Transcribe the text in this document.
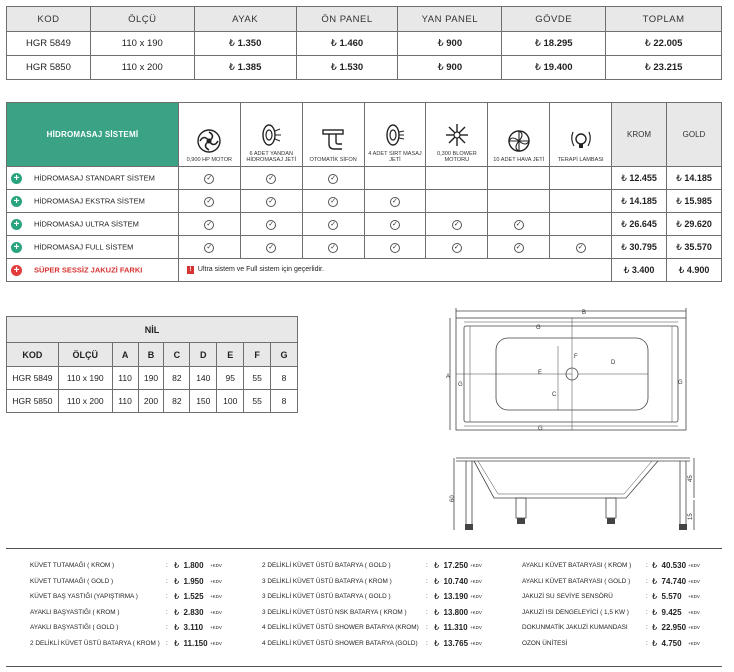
KOD	ÖLÇÜ	AYAK	ÖN PANEL	YAN PANEL	GÖVDE	TOPLAM
HGR 5849	110 x 190	₺ 1.350	₺ 1.460	₺ 900	₺ 18.295	₺ 22.005
HGR 5850	110 x 200	₺ 1.385	₺ 1.530	₺ 900	₺ 19.400	₺ 23.215
HİDROMASAJ SİSTEMİ	0,900 HP MOTOR	6 ADET YANDAN HİDROMASAJ JETİ	OTOMATİK SİFON	4 ADET SIRT MASAJ JETİ	0,300 BLOWER MOTORU	10 ADET HAVA JETİ	TERAPİ LAMBASI	KROM	GOLD
+ HİDROMASAJ STANDART SİSTEM	✓	✓	✓					₺ 12.455	₺ 14.185
+ HİDROMASAJ EKSTRA SİSTEM	✓	✓	✓	✓				₺ 14.185	₺ 15.985
+ HİDROMASAJ ULTRA SİSTEM	✓	✓	✓	✓	✓	✓		₺ 26.645	₺ 29.620
+ HİDROMASAJ FULL SİSTEM	✓	✓	✓	✓	✓	✓	✓	₺ 30.795	₺ 35.570
+ SÜPER SESSİZ JAKUZİ FARKI	! Ultra sistem ve Full sistem için geçerlidir.							₺ 3.400	₺ 4.900
NİL								
KOD	ÖLÇÜ	A	B	C	D	E	F	G
HGR 5849	110 x 190	110	190	82	140	95	55	8
HGR 5850	110 x 200	110	200	82	150	100	55	8
B
G
A
G
F
D
E
C
G
G
60
45
15
KÜVET TUTAMAĞI ( KROM )	: ₺ 1.800 +KDV
KÜVET TUTAMAĞI ( GOLD )	: ₺ 1.950 +KDV
KÜVET BAŞ YASTIĞI (YAPIŞTIRMA )	: ₺ 1.525 +KDV
AYAKLI BAŞYASTIĞI ( KROM )	: ₺ 2.830 +KDV
AYAKLI BAŞYASTIĞI ( GOLD )	: ₺ 3.110 +KDV
2 DELİKLİ KÜVET ÜSTÜ BATARYA ( KROM ) : ₺ 11.150 +KDV
2 DELİKLİ KÜVET ÜSTÜ BATARYA ( GOLD )	: ₺ 17.250 +KDV
3 DELİKLİ KÜVET ÜSTÜ BATARYA ( KROM )	: ₺ 10.740 +KDV
3 DELİKLİ KÜVET ÜSTÜ BATARYA ( GOLD )	: ₺ 13.190 +KDV
3 DELİKLİ KÜVET ÜSTÜ NSK BATARYA ( KROM )	: ₺ 13.800 +KDV
4 DELİKLİ KÜVET ÜSTÜ SHOWER BATARYA (KROM) : ₺ 11.310 +KDV
4 DELİKLİ KÜVET ÜSTÜ SHOWER BATARYA (GOLD) : ₺ 13.765 +KDV
AYAKLI KÜVET BATARYASI ( KROM ) : ₺ 40.530 +KDV
AYAKLI KÜVET BATARYASI ( GOLD ) : ₺ 74.740 +KDV
JAKUZİ SU SEVİYE SENSÖRÜ	: ₺ 5.570 +KDV
JAKUZİ ISI DENGELEYİCİ ( 1,5 KW )	: ₺ 9.425 +KDV
DOKUNMATİK JAKUZİ KUMANDASI	: ₺ 22.950 +KDV
OZON ÜNİTESİ	: ₺ 4.750 +KDV
